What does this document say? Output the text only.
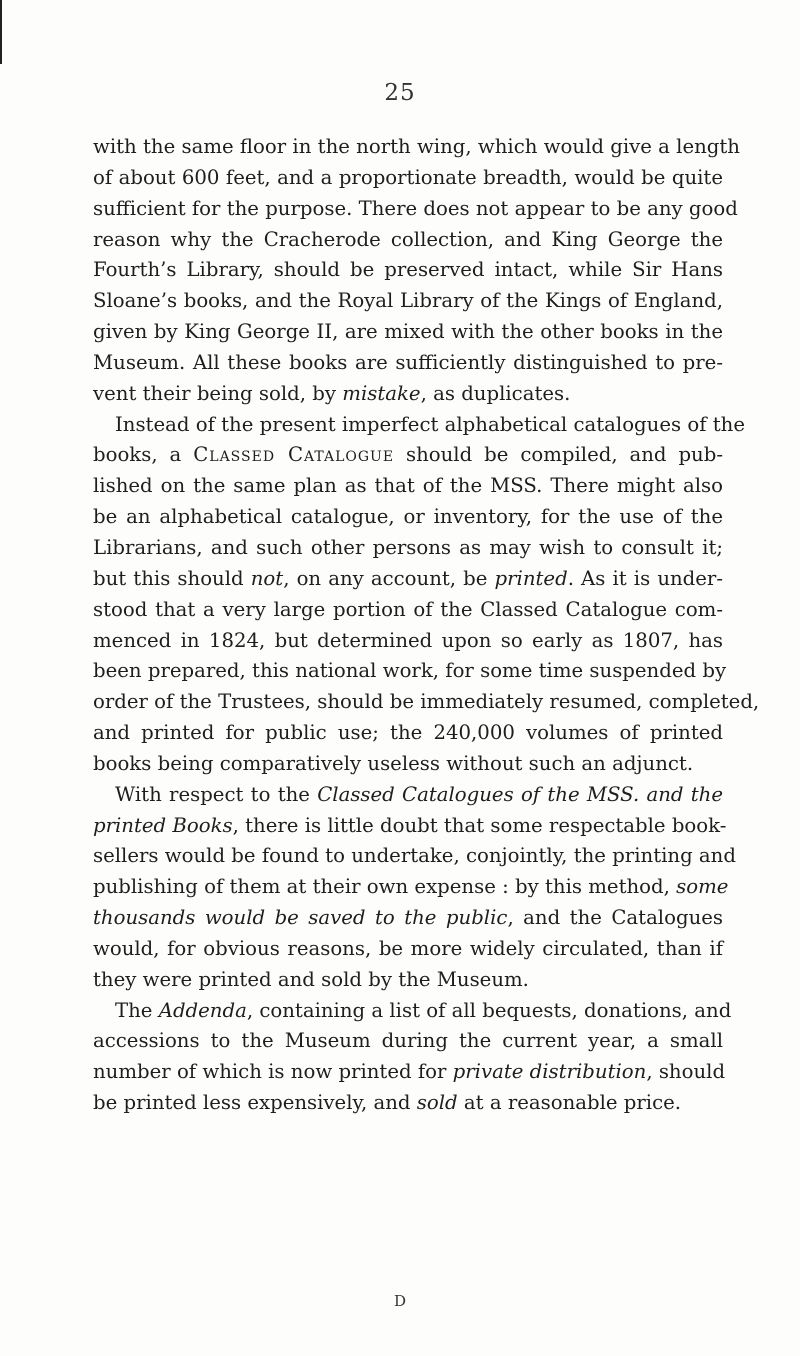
25
with the same floor in the north wing, which would give a length
of about 600 feet, and a proportionate breadth, would be quite
sufficient for the purpose. There does not appear to be any good
reason why the Cracherode collection, and King George the
Fourth’s Library, should be preserved intact, while Sir Hans
Sloane’s books, and the Royal Library of the Kings of England,
given by King George II, are mixed with the other books in the
Museum. All these books are sufficiently distinguished to pre-
vent their being sold, by mistake, as duplicates.
Instead of the present imperfect alphabetical catalogues of the
books, a Classed Catalogue should be compiled, and pub-
lished on the same plan as that of the MSS. There might also
be an alphabetical catalogue, or inventory, for the use of the
Librarians, and such other persons as may wish to consult it;
but this should not, on any account, be printed. As it is under-
stood that a very large portion of the Classed Catalogue com-
menced in 1824, but determined upon so early as 1807, has
been prepared, this national work, for some time suspended by
order of the Trustees, should be immediately resumed, completed,
and printed for public use; the 240,000 volumes of printed
books being comparatively useless without such an adjunct.
With respect to the Classed Catalogues of the MSS. and the
printed Books, there is little doubt that some respectable book-
sellers would be found to undertake, conjointly, the printing and
publishing of them at their own expense : by this method, some
thousands would be saved to the public, and the Catalogues
would, for obvious reasons, be more widely circulated, than if
they were printed and sold by the Museum.
The Addenda, containing a list of all bequests, donations, and
accessions to the Museum during the current year, a small
number of which is now printed for private distribution, should
be printed less expensively, and sold at a reasonable price.
D
